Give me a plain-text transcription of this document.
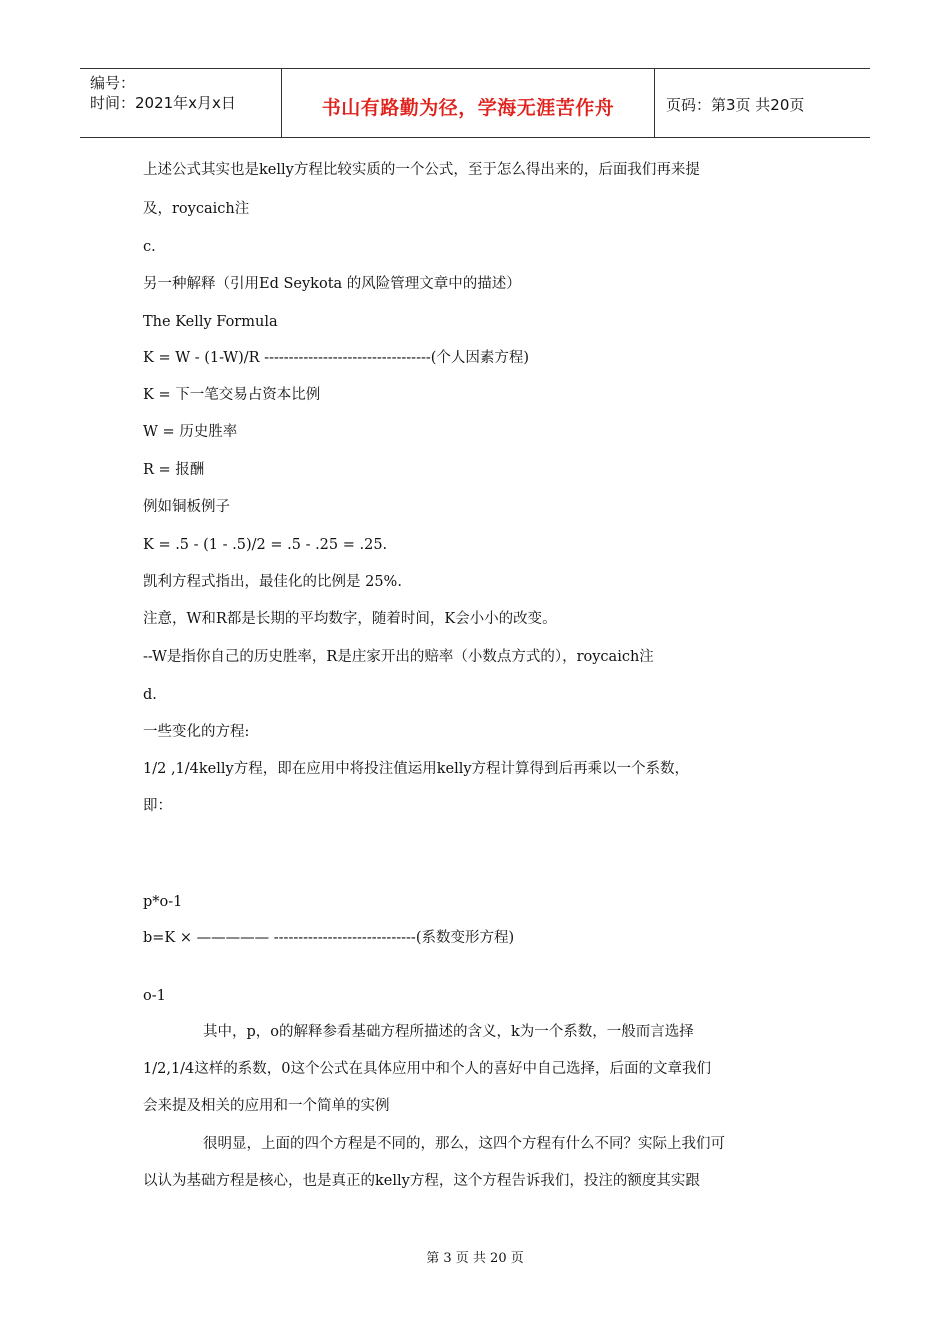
编号：
时间：2021年x月x日	书山有路勤为径，学海无涯苦作舟	页码：第3页 共20页
上述公式其实也是kelly方程比较实质的一个公式，至于怎么得出来的，后面我们再来提
及，roycaich注
c.
另一种解释（引用Ed Seykota 的风险管理文章中的描述）
The Kelly Formula
K = W - (1-W)/R ----------------------------------(个人因素方程)
K = 下一笔交易占资本比例
W = 历史胜率
R = 报酬
例如铜板例子
K = .5 - (1 - .5)/2 = .5 - .25 = .25.
凯利方程式指出，最佳化的比例是 25%.
注意，W和R都是长期的平均数字，随着时间，K会小小的改变。
--W是指你自己的历史胜率，R是庄家开出的赔率（小数点方式的），roycaich注
d.
一些变化的方程:
1/2 ,1/4kelly方程，即在应用中将投注值运用kelly方程计算得到后再乘以一个系数，
即：
p*o-1
b=K × ————— -----------------------------(系数变形方程)
o-1
其中，p，o的解释参看基础方程所描述的含义，k为一个系数，一般而言选择
1/2,1/4这样的系数，0这个公式在具体应用中和个人的喜好中自己选择，后面的文章我们
会来提及相关的应用和一个简单的实例
很明显，上面的四个方程是不同的，那么，这四个方程有什么不同？实际上我们可
以认为基础方程是核心，也是真正的kelly方程，这个方程告诉我们，投注的额度其实跟
第 3 页 共 20 页
